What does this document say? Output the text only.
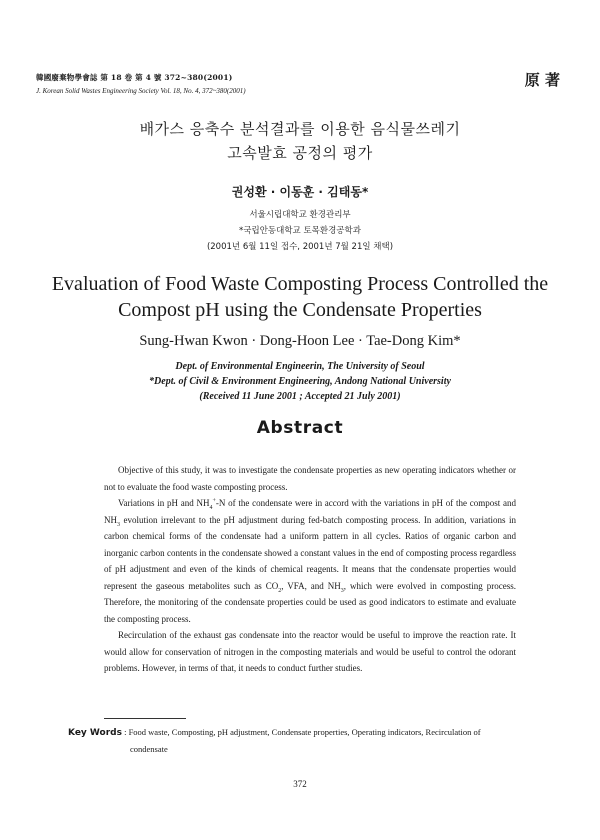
韓國廢棄物學會誌 第 18 卷 第 4 號 372~380(2001)
J. Korean Solid Wastes Engineering Society Vol. 18, No. 4, 372~380(2001)
原 著
배가스 응축수 분석결과를 이용한 음식물쓰레기
고속발효 공정의 평가
권성환 · 이동훈 · 김태동*
서울시립대학교 환경관리부
*국립안동대학교 토목환경공학과
(2001년 6월 11일 접수, 2001년 7월 21일 채택)
Evaluation of Food Waste Composting Process Controlled the
Compost pH using the Condensate Properties
Sung-Hwan Kwon · Dong-Hoon Lee · Tae-Dong Kim*
Dept. of Environmental Engineerin, The University of Seoul
*Dept. of Civil & Environment Engineering, Andong National University
(Received 11 June 2001 ; Accepted 21 July 2001)
Abstract

Objective of this study, it was to investigate the condensate properties as new operating indicators whether or not to evaluate the food waste composting process.

Variations in pH and $NH_4^+-N$ of the condensate were in accord with the variations in pH of the compost and $NH_3$ evolution irrelevant to the pH adjustment during fed-batch composting process. In addition, variations in carbon chemical forms of the condensate had a uniform pattern in all cycles. Ratios of organic carbon and inorganic carbon contents in the condensate showed a constant values in the end of composting process regardless of pH adjustment and even of the kinds of chemical reagents. It means that the condensate properties would represent the gaseous metabolites such as $CO_2$, VFA, and $NH_3$, which were evolved in composting process. Therefore, the monitoring of the condensate properties could be used as good indicators to estimate and evaluate the composting process.

Recirculation of the exhaust gas condensate into the reactor would be useful to improve the reaction rate. It would allow for conservation of nitrogen in the composting materials and would be useful to control the odorant problems. However, in terms of that, it needs to conduct further studies.

Key Words : Food waste, Composting, pH adjustment, Condensate properties, Operating indicators, Recirculation of
condensate
372
